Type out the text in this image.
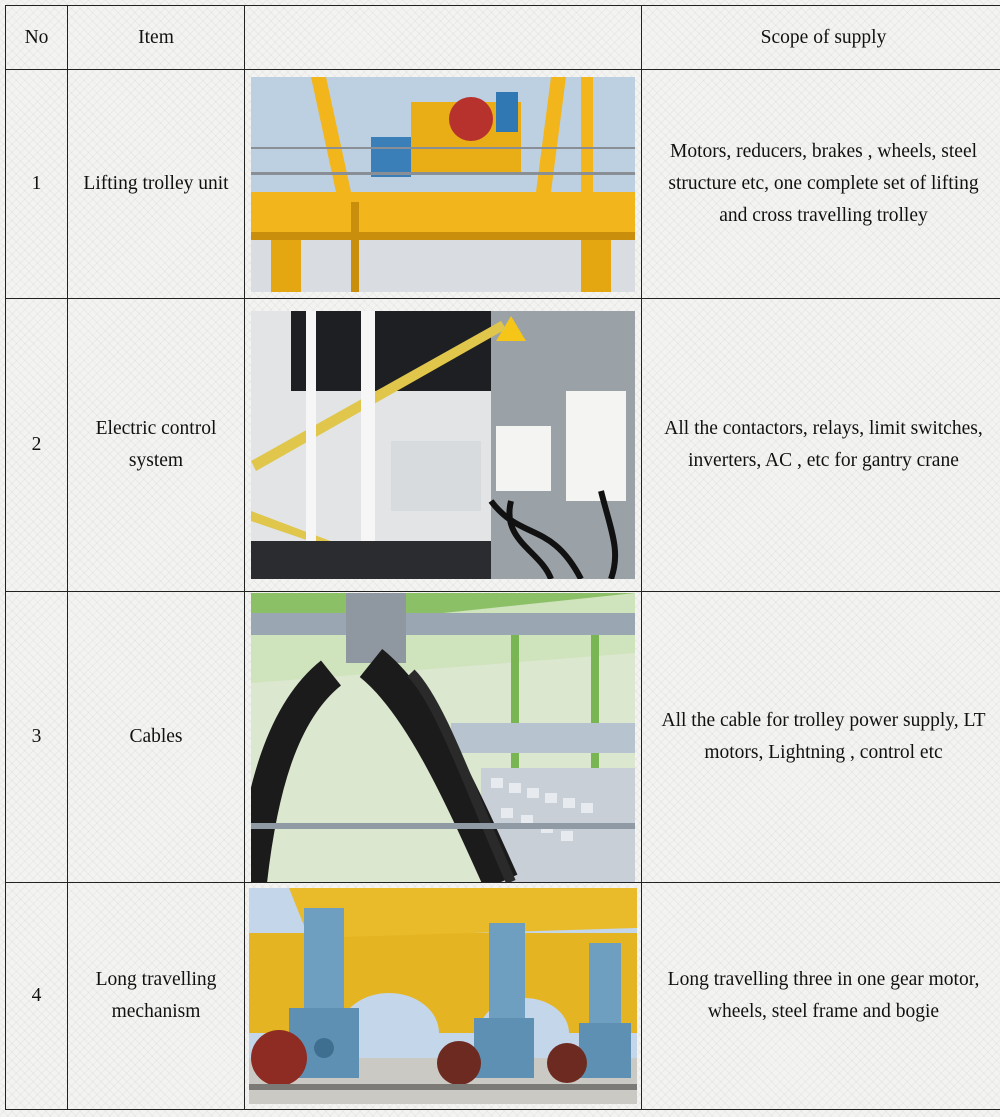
No	Item		Scope of supply
1	Lifting trolley unit		Motors, reducers, brakes , wheels, steel structure etc, one complete set of lifting and cross travelling trolley

2	Electric control system		All the contactors, relays, limit switches, inverters, AC , etc for gantry crane

3	Cables		All the cable for trolley power supply, LT motors, Lightning , control etc

4	Long travelling mechanism		Long travelling three in one gear motor, wheels, steel frame and bogie
